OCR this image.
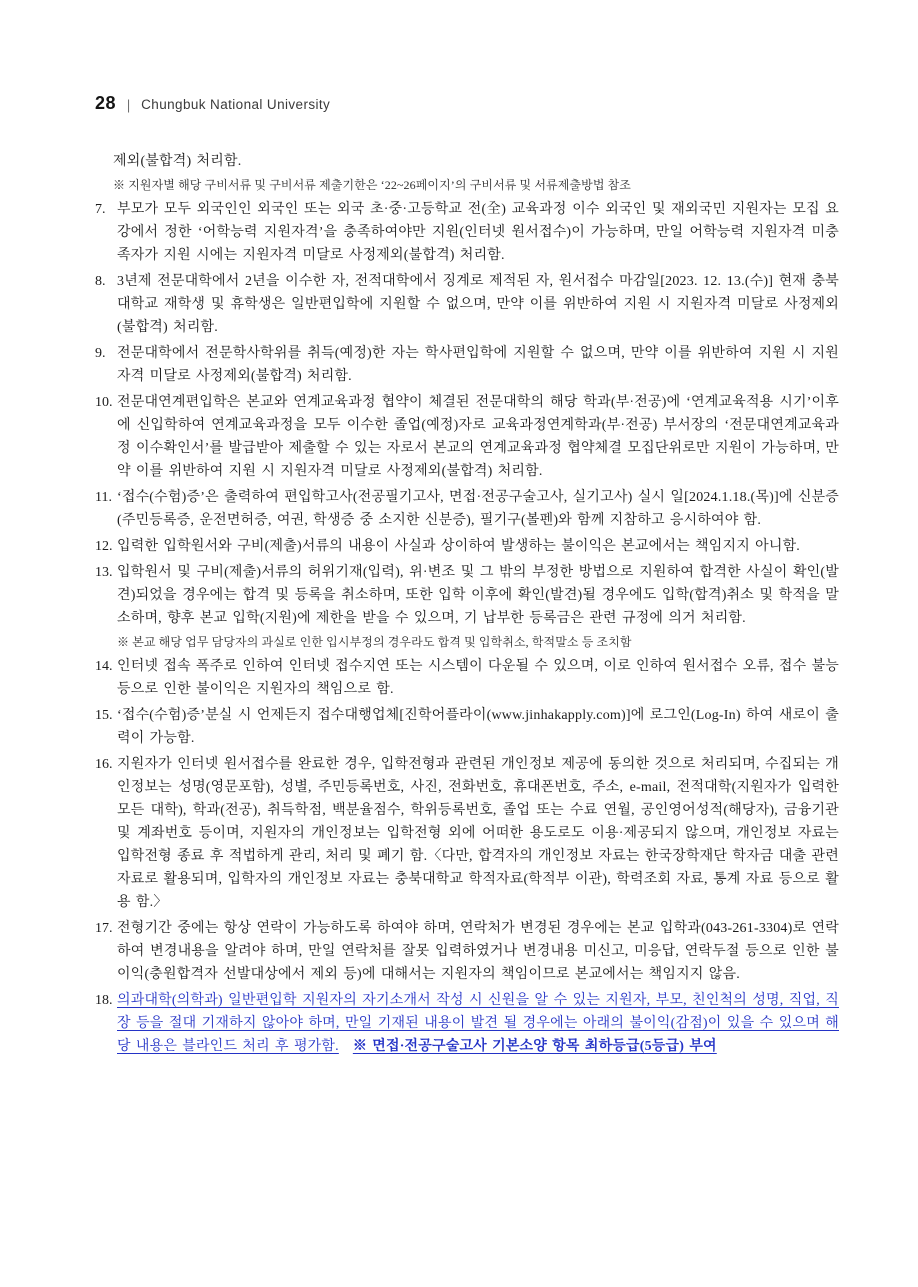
28 | Chungbuk National University

제외(불합격) 처리함.

※ 지원자별 해당 구비서류 및 구비서류 제출기한은 ‘22~26페이지’의 구비서류 및 서류제출방법 참조

7. 부모가 모두 외국인인 외국인 또는 외국 초·중·고등학교 전(全) 교육과정 이수 외국인 및 재외국민 지원자는 모집 요강에서 정한 ‘어학능력 지원자격’을 충족하여야만 지원(인터넷 원서접수)이 가능하며, 만일 어학능력 지원자격 미충족자가 지원 시에는 지원자격 미달로 사정제외(불합격) 처리함.

8. 3년제 전문대학에서 2년을 이수한 자, 전적대학에서 징계로 제적된 자, 원서접수 마감일[2023. 12. 13.(수)] 현재 충북대학교 재학생 및 휴학생은 일반편입학에 지원할 수 없으며, 만약 이를 위반하여 지원 시 지원자격 미달로 사정제외(불합격) 처리함.

9. 전문대학에서 전문학사학위를 취득(예정)한 자는 학사편입학에 지원할 수 없으며, 만약 이를 위반하여 지원 시 지원자격 미달로 사정제외(불합격) 처리함.

10. 전문대연계편입학은 본교와 연계교육과정 협약이 체결된 전문대학의 해당 학과(부·전공)에 ‘연계교육적용 시기’이후에 신입학하여 연계교육과정을 모두 이수한 졸업(예정)자로 교육과정연계학과(부·전공) 부서장의 ‘전문대연계교육과정 이수확인서’를 발급받아 제출할 수 있는 자로서 본교의 연계교육과정 협약체결 모집단위로만 지원이 가능하며, 만약 이를 위반하여 지원 시 지원자격 미달로 사정제외(불합격) 처리함.

11. ‘접수(수험)증’은 출력하여 편입학고사(전공필기고사, 면접·전공구술고사, 실기고사) 실시 일[2024.1.18.(목)]에 신분증(주민등록증, 운전면허증, 여권, 학생증 중 소지한 신분증), 필기구(볼펜)와 함께 지참하고 응시하여야 함.

12. 입력한 입학원서와 구비(제출)서류의 내용이 사실과 상이하여 발생하는 불이익은 본교에서는 책임지지 아니함.

13. 입학원서 및 구비(제출)서류의 허위기재(입력), 위·변조 및 그 밖의 부정한 방법으로 지원하여 합격한 사실이 확인(발견)되었을 경우에는 합격 및 등록을 취소하며, 또한 입학 이후에 확인(발견)될 경우에도 입학(합격)취소 및 학적을 말소하며, 향후 본교 입학(지원)에 제한을 받을 수 있으며, 기 납부한 등록금은 관련 규정에 의거 처리함.

※ 본교 해당 업무 담당자의 과실로 인한 입시부정의 경우라도 합격 및 입학취소, 학적말소 등 조치함

14. 인터넷 접속 폭주로 인하여 인터넷 접수지연 또는 시스템이 다운될 수 있으며, 이로 인하여 원서접수 오류, 접수 불능 등으로 인한 불이익은 지원자의 책임으로 함.

15. ‘접수(수험)증’분실 시 언제든지 접수대행업체[진학어플라이(www.jinhakapply.com)]에 로그인(Log-In) 하여 새로이 출력이 가능함.

16. 지원자가 인터넷 원서접수를 완료한 경우, 입학전형과 관련된 개인정보 제공에 동의한 것으로 처리되며, 수집되는 개인정보는 성명(영문포함), 성별, 주민등록번호, 사진, 전화번호, 휴대폰번호, 주소, e-mail, 전적대학(지원자가 입력한 모든 대학), 학과(전공), 취득학점, 백분율점수, 학위등록번호, 졸업 또는 수료 연월, 공인영어성적(해당자), 금융기관 및 계좌번호 등이며, 지원자의 개인정보는 입학전형 외에 어떠한 용도로도 이용·제공되지 않으며, 개인정보 자료는 입학전형 종료 후 적법하게 관리, 처리 및 폐기 함.〈다만, 합격자의 개인정보 자료는 한국장학재단 학자금 대출 관련 자료로 활용되며, 입학자의 개인정보 자료는 충북대학교 학적자료(학적부 이관), 학력조회 자료, 통계 자료 등으로 활용 함.〉

17. 전형기간 중에는 항상 연락이 가능하도록 하여야 하며, 연락처가 변경된 경우에는 본교 입학과(043-261-3304)로 연락하여 변경내용을 알려야 하며, 만일 연락처를 잘못 입력하였거나 변경내용 미신고, 미응답, 연락두절 등으로 인한 불이익(충원합격자 선발대상에서 제외 등)에 대해서는 지원자의 책임이므로 본교에서는 책임지지 않음.

18. 의과대학(의학과) 일반편입학 지원자의 자기소개서 작성 시 신원을 알 수 있는 지원자, 부모, 친인척의 성명, 직업, 직장 등을 절대 기재하지 않아야 하며, 만일 기재된 내용이 발견 될 경우에는 아래의 불이익(감점)이 있을 수 있으며 해당 내용은 블라인드 처리 후 평가함. ※ 면접·전공구술고사 기본소양 항목 최하등급(5등급) 부여
